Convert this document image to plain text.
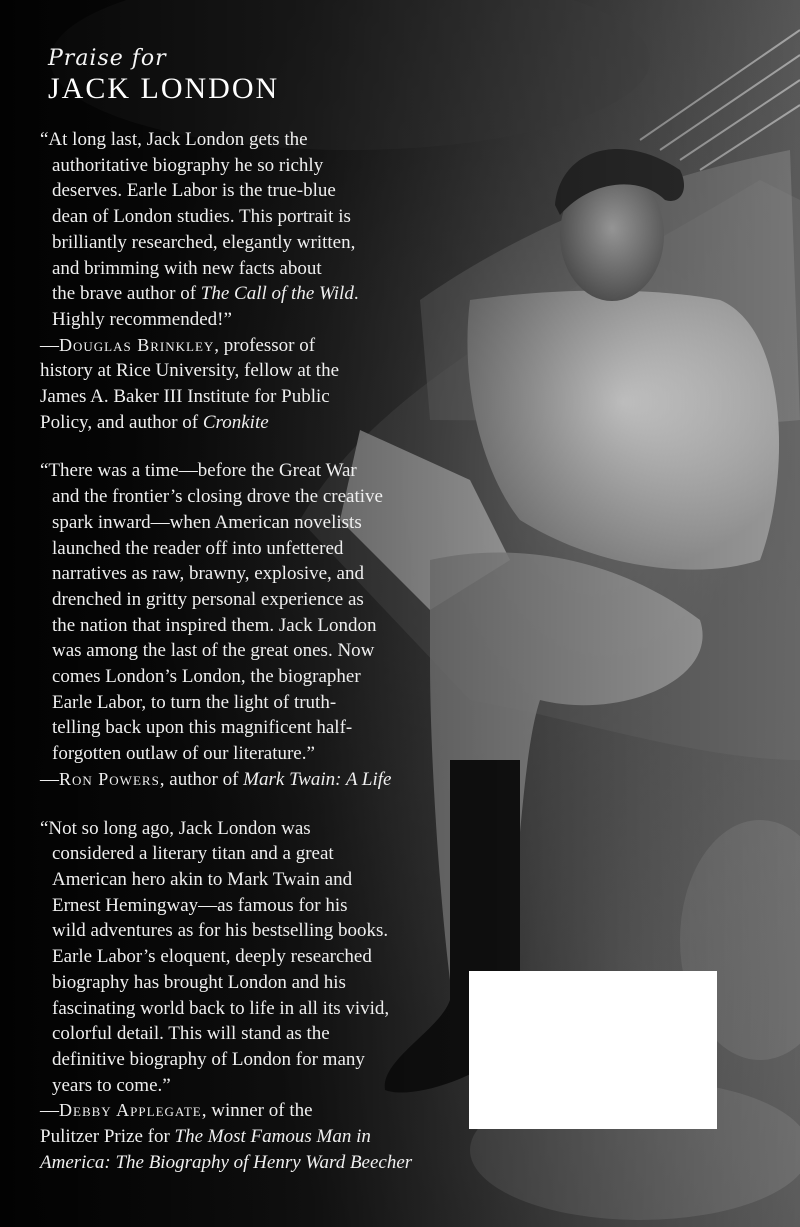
Praise for
JACK LONDON

“At long last, Jack London gets the
authoritative biography he so richly
deserves. Earle Labor is the true-blue
dean of London studies. This portrait is
brilliantly researched, elegantly written,
and brimming with new facts about
the brave author of The Call of the Wild.
Highly recommended!”

—Douglas Brinkley, professor of
history at Rice University, fellow at the
James A. Baker III Institute for Public
Policy, and author of Cronkite

“There was a time—before the Great War
and the frontier’s closing drove the creative
spark inward—when American novelists
launched the reader off into unfettered
narratives as raw, brawny, explosive, and
drenched in gritty personal experience as
the nation that inspired them. Jack London
was among the last of the great ones. Now
comes London’s London, the biographer
Earle Labor, to turn the light of truth-
telling back upon this magnificent half-
forgotten outlaw of our literature.”

—Ron Powers, author of Mark Twain: A Life

“Not so long ago, Jack London was
considered a literary titan and a great
American hero akin to Mark Twain and
Ernest Hemingway—as famous for his
wild adventures as for his bestselling books.
Earle Labor’s eloquent, deeply researched
biography has brought London and his
fascinating world back to life in all its vivid,
colorful detail. This will stand as the
definitive biography of London for many
years to come.”

—Debby Applegate, winner of the
Pulitzer Prize for The Most Famous Man in
America: The Biography of Henry Ward Beecher
